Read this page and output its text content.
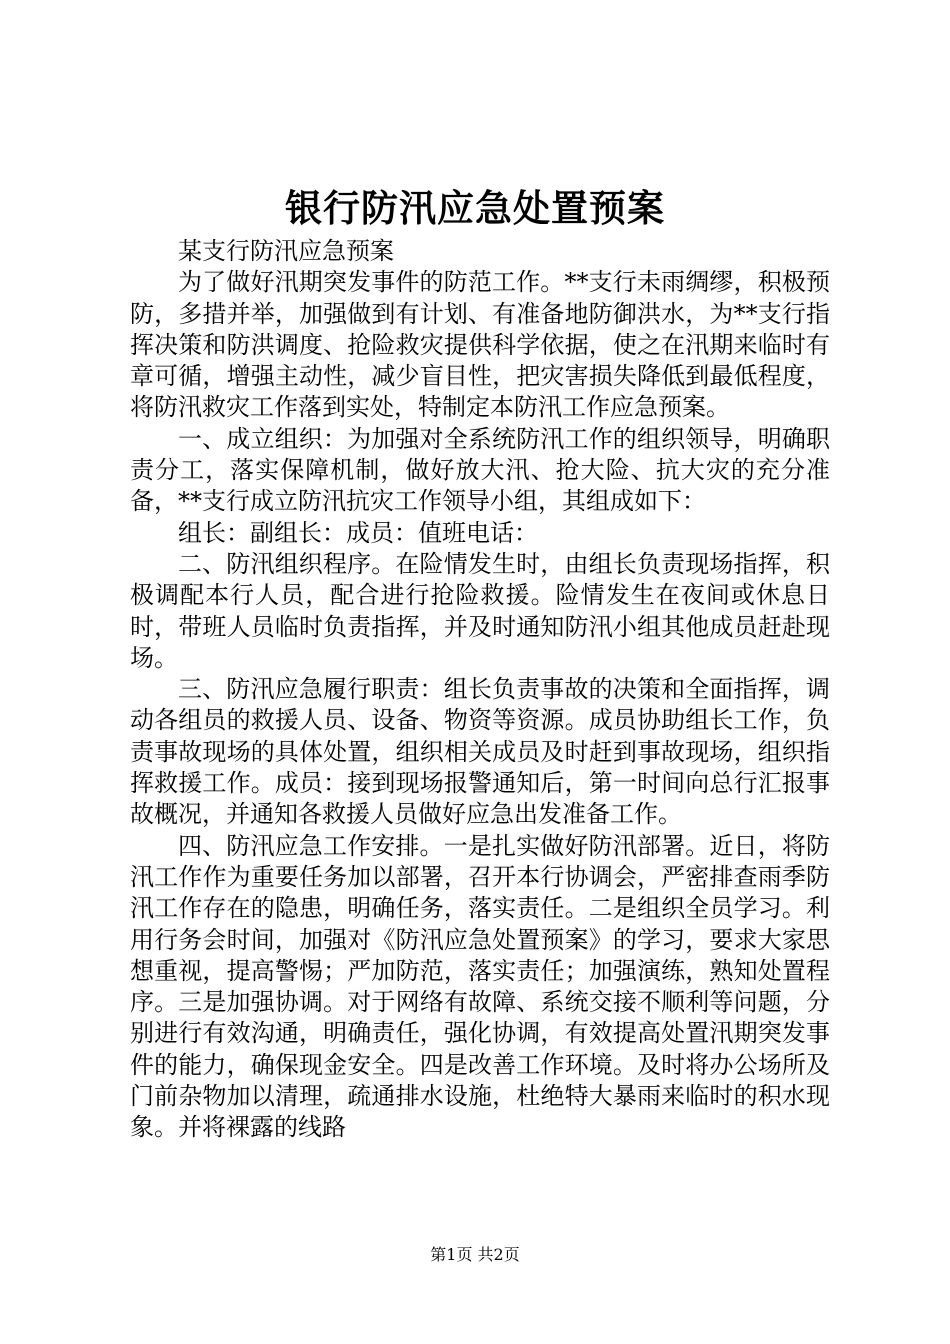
银行防汛应急处置预案

某支行防汛应急预案

为了做好汛期突发事件的防范工作。**支行未雨绸缪，积极预防，多措并举，加强做到有计划、有准备地防御洪水，为**支行指挥决策和防洪调度、抢险救灾提供科学依据，使之在汛期来临时有章可循，增强主动性，减少盲目性，把灾害损失降低到最低程度，将防汛救灾工作落到实处，特制定本防汛工作应急预案。

一、成立组织：为加强对全系统防汛工作的组织领导，明确职责分工，落实保障机制，做好放大汛、抢大险、抗大灾的充分准备，**支行成立防汛抗灾工作领导小组，其组成如下：

组长：副组长：成员：值班电话：

二、防汛组织程序。在险情发生时，由组长负责现场指挥，积极调配本行人员，配合进行抢险救援。险情发生在夜间或休息日时，带班人员临时负责指挥，并及时通知防汛小组其他成员赶赴现场。

三、防汛应急履行职责：组长负责事故的决策和全面指挥，调动各组员的救援人员、设备、物资等资源。成员协助组长工作，负责事故现场的具体处置，组织相关成员及时赶到事故现场，组织指挥救援工作。成员：接到现场报警通知后，第一时间向总行汇报事故概况，并通知各救援人员做好应急出发准备工作。

四、防汛应急工作安排。一是扎实做好防汛部署。近日，将防汛工作作为重要任务加以部署，召开本行协调会，严密排查雨季防汛工作存在的隐患，明确任务，落实责任。二是组织全员学习。利用行务会时间，加强对《防汛应急处置预案》的学习，要求大家思想重视，提高警惕；严加防范，落实责任；加强演练，熟知处置程序。三是加强协调。对于网络有故障、系统交接不顺利等问题，分别进行有效沟通，明确责任，强化协调，有效提高处置汛期突发事件的能力，确保现金安全。四是改善工作环境。及时将办公场所及门前杂物加以清理，疏通排水设施，杜绝特大暴雨来临时的积水现象。并将裸露的线路

第1页 共2页
